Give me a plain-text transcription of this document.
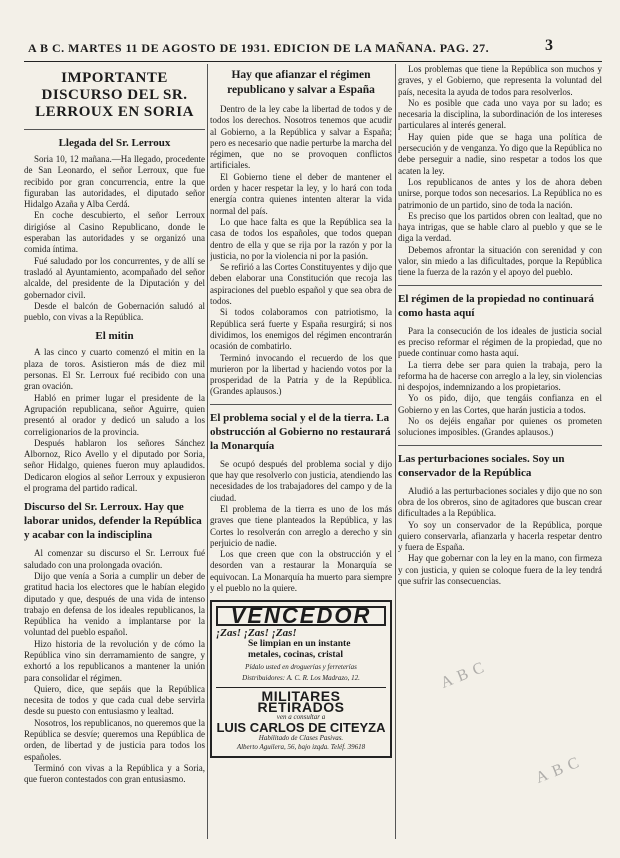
A B C. MARTES 11 DE AGOSTO DE 1931. EDICION DE LA MAÑANA. PAG. 27.	3
IMPORTANTE DISCURSO DEL SR. LERROUX EN SORIA
Llegada del Sr. Lerroux

Soria 10, 12 mañana.—Ha llegado, procedente de San Leonardo, el señor Lerroux, que fue recibido por gran concurrencia, entre la que figuraban las autoridades, el diputado señor Hidalgo Azaña y Alba Cerdá.

En coche descubierto, el señor Lerroux dirigióse al Casino Republicano, donde le esperaban las autoridades y se organizó una comida íntima.

Fué saludado por los concurrentes, y de allí se trasladó al Ayuntamiento, acompañado del señor alcalde, del presidente de la Diputación y del gobernador civil.

Desde el balcón de Gobernación saludó al pueblo, con vivas a la República.

El mitin

A las cinco y cuarto comenzó el mitin en la plaza de toros. Asistieron más de diez mil personas. El Sr. Lerroux fué recibido con una gran ovación.

Habló en primer lugar el presidente de la Agrupación republicana, señor Aguirre, quien presentó al orador y dedicó un saludo a los correligionarios de la provincia.

Después hablaron los señores Sánchez Albornoz, Rico Avello y el diputado por Soria, señor Hidalgo, quienes fueron muy aplaudidos. Dedicaron elogios al señor Lerroux y expusieron el programa del partido radical.

Discurso del Sr. Lerroux. Hay que laborar unidos, defender la República y acabar con la indisciplina

Al comenzar su discurso el Sr. Lerroux fué saludado con una prolongada ovación.

Dijo que venía a Soria a cumplir un deber de gratitud hacia los electores que le habían elegido diputado y que, después de una vida de intenso trabajo en defensa de los ideales republicanos, la República ha venido a implantarse por la voluntad del pueblo español.

Hizo historia de la revolución y de cómo la República vino sin derramamiento de sangre, y exhortó a los republicanos a mantener la unión para consolidar el régimen.

Quiero, dice, que sepáis que la República necesita de todos y que cada cual debe servirla desde su puesto con entusiasmo y lealtad.

Nosotros, los republicanos, no queremos que la República se desvíe; queremos una República de orden, de libertad y de justicia para todos los españoles.

Terminó con vivas a la República y a Soria, que fueron contestados con gran entusiasmo.

Hay que afianzar el régimen republicano y salvar a España

Dentro de la ley cabe la libertad de todos y de todos los derechos. Nosotros tenemos que acudir al Gobierno, a la República y salvar a España; pero es necesario que nadie perturbe la marcha del régimen, que no se provoquen conflictos artificiales.

El Gobierno tiene el deber de mantener el orden y hacer respetar la ley, y lo hará con toda energía contra quienes intenten alterar la vida normal del país.

Lo que hace falta es que la República sea la casa de todos los españoles, que todos quepan dentro de ella y que se rija por la razón y por la justicia, no por la violencia ni por la pasión.

Se refirió a las Cortes Constituyentes y dijo que deben elaborar una Constitución que recoja las aspiraciones del pueblo español y que sea obra de todos.

Si todos colaboramos con patriotismo, la República será fuerte y España resurgirá; si nos dividimos, los enemigos del régimen encontrarán ocasión de combatirlo.

Terminó invocando el recuerdo de los que murieron por la libertad y haciendo votos por la prosperidad de la Patria y de la República. (Grandes aplausos.)

El problema social y el de la tierra. La obstrucción al Gobierno no restaurará la Monarquía

Se ocupó después del problema social y dijo que hay que resolverlo con justicia, atendiendo las necesidades de los trabajadores del campo y de la ciudad.

El problema de la tierra es uno de los más graves que tiene planteados la República, y las Cortes lo resolverán con arreglo a derecho y sin perjuicio de nadie.

Los que creen que con la obstrucción y el desorden van a restaurar la Monarquía se equivocan. La Monarquía ha muerto para siempre y el pueblo no la quiere.

VENCEDOR
¡Zas! ¡Zas! ¡Zas!
Se limpian en un instante
metales, cocinas, cristal
Pídalo usted en droguerías y ferreterías
Distribuidores: A. C. R. Los Madrazo, 12.
MILITARES RETIRADOS
ven a consultar a
LUIS CARLOS DE CITEYZA
Habilitado de Clases Pasivas.
Alberto Aguilera, 56, bajo izqda. Teléf. 39618

Los problemas que tiene la República son muchos y graves, y el Gobierno, que representa la voluntad del país, necesita la ayuda de todos para resolverlos.

No es posible que cada uno vaya por su lado; es necesaria la disciplina, la subordinación de los intereses particulares al interés general.

Hay quien pide que se haga una política de persecución y de venganza. Yo digo que la República no debe perseguir a nadie, sino respetar a todos los que acaten la ley.

Los republicanos de antes y los de ahora deben unirse, porque todos son necesarios. La República no es patrimonio de un partido, sino de toda la nación.

Es preciso que los partidos obren con lealtad, que no haya intrigas, que se hable claro al pueblo y que se le diga la verdad.

Debemos afrontar la situación con serenidad y con valor, sin miedo a las dificultades, porque la República tiene la fuerza de la razón y el apoyo del pueblo.

El régimen de la propiedad no continuará como hasta aquí

Para la consecución de los ideales de justicia social es preciso reformar el régimen de la propiedad, que no puede continuar como hasta aquí.

La tierra debe ser para quien la trabaja, pero la reforma ha de hacerse con arreglo a la ley, sin violencias ni despojos, indemnizando a los propietarios.

Yo os pido, dijo, que tengáis confianza en el Gobierno y en las Cortes, que harán justicia a todos.

No os dejéis engañar por quienes os prometen soluciones imposibles. (Grandes aplausos.)

Las perturbaciones sociales. Soy un conservador de la República

Aludió a las perturbaciones sociales y dijo que no son obra de los obreros, sino de agitadores que buscan crear dificultades a la República.

Yo soy un conservador de la República, porque quiero conservarla, afianzarla y hacerla respetar dentro y fuera de España.

Hay que gobernar con la ley en la mano, con firmeza y con justicia, y quien se coloque fuera de la ley tendrá que sufrir las consecuencias.

ABC
ABC
